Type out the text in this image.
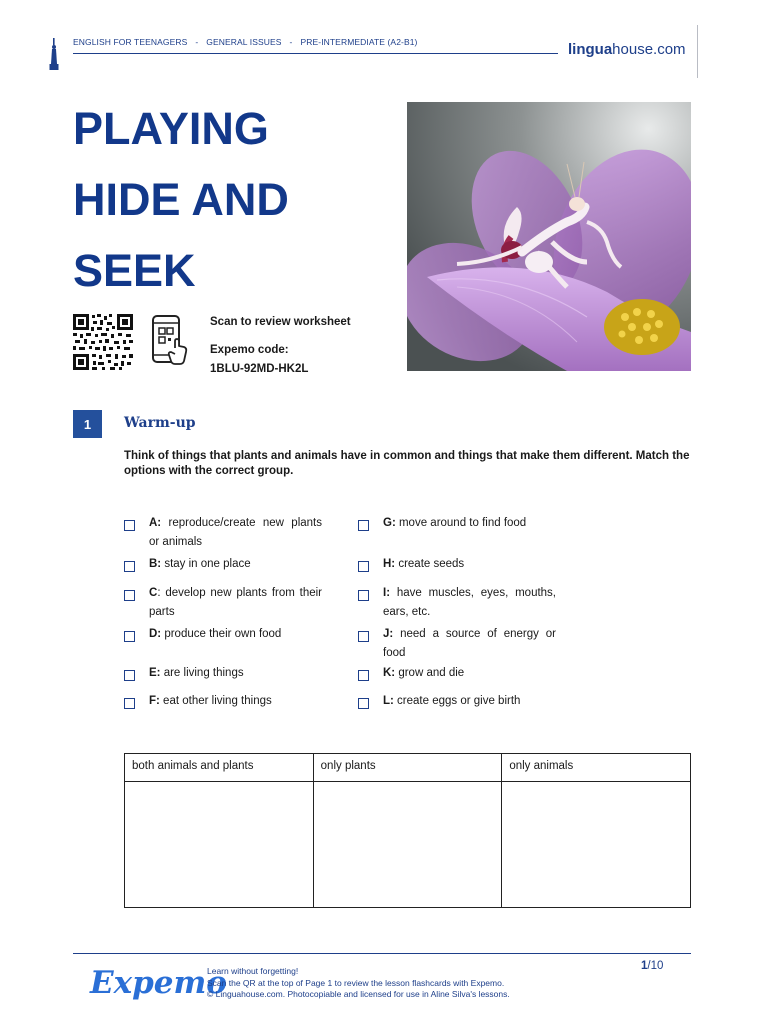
ENGLISH FOR TEENAGERS - GENERAL ISSUES - PRE-INTERMEDIATE (A2-B1)	linguahouse.com
PLAYING
HIDE AND
SEEK
Scan to review worksheet
Expemo code:
1BLU-92MD-HK2L
1	Warm-up
Think of things that plants and animals have in common and things that make them different. Match the options with the correct group.
A: reproduce/create new plants or animals
B: stay in one place
C: develop new plants from their parts
D: produce their own food
E: are living things
F: eat other living things
G: move around to find food
H: create seeds
I: have muscles, eyes, mouths, ears, etc.
J: need a source of energy or food
K: grow and die
L: create eggs or give birth
both animals and plants	only plants	only animals

Expemo
Learn without forgetting!
Scan the QR at the top of Page 1 to review the lesson flashcards with Expemo.
© Linguahouse.com. Photocopiable and licensed for use in Aline Silva's lessons.
1/10
